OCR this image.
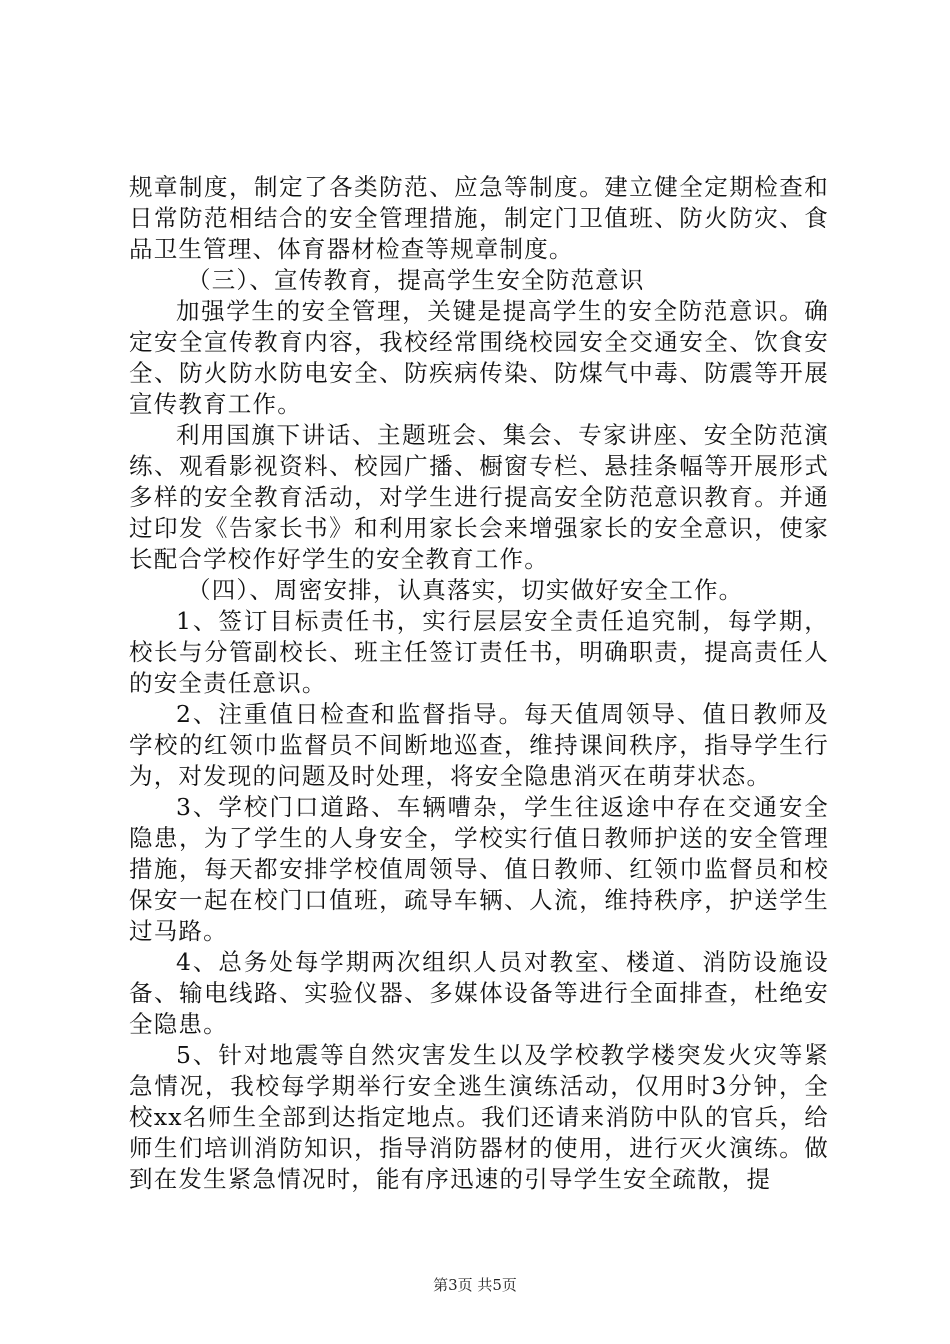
规章制度，制定了各类防范、应急等制度。建立健全定期检查和日常防范相结合的安全管理措施，制定门卫值班、防火防灾、食品卫生管理、体育器材检查等规章制度。

（三）、宣传教育，提高学生安全防范意识

加强学生的安全管理，关键是提高学生的安全防范意识。确定安全宣传教育内容，我校经常围绕校园安全交通安全、饮食安全、防火防水防电安全、防疾病传染、防煤气中毒、防震等开展宣传教育工作。

利用国旗下讲话、主题班会、集会、专家讲座、安全防范演练、观看影视资料、校园广播、橱窗专栏、悬挂条幅等开展形式多样的安全教育活动，对学生进行提高安全防范意识教育。并通过印发《告家长书》和利用家长会来增强家长的安全意识，使家长配合学校作好学生的安全教育工作。

（四）、周密安排，认真落实，切实做好安全工作。

1、签订目标责任书，实行层层安全责任追究制，每学期，校长与分管副校长、班主任签订责任书，明确职责，提高责任人的安全责任意识。

2、注重值日检查和监督指导。每天值周领导、值日教师及学校的红领巾监督员不间断地巡查，维持课间秩序，指导学生行为，对发现的问题及时处理，将安全隐患消灭在萌芽状态。

3、学校门口道路、车辆嘈杂，学生往返途中存在交通安全隐患，为了学生的人身安全，学校实行值日教师护送的安全管理措施，每天都安排学校值周领导、值日教师、红领巾监督员和校保安一起在校门口值班，疏导车辆、人流，维持秩序，护送学生过马路。

4、总务处每学期两次组织人员对教室、楼道、消防设施设备、输电线路、实验仪器、多媒体设备等进行全面排查，杜绝安全隐患。

5、针对地震等自然灾害发生以及学校教学楼突发火灾等紧急情况，我校每学期举行安全逃生演练活动，仅用时3分钟，全校xx名师生全部到达指定地点。我们还请来消防中队的官兵，给师生们培训消防知识，指导消防器材的使用，进行灭火演练。做到在发生紧急情况时，能有序迅速的引导学生安全疏散，提

第3页 共5页
